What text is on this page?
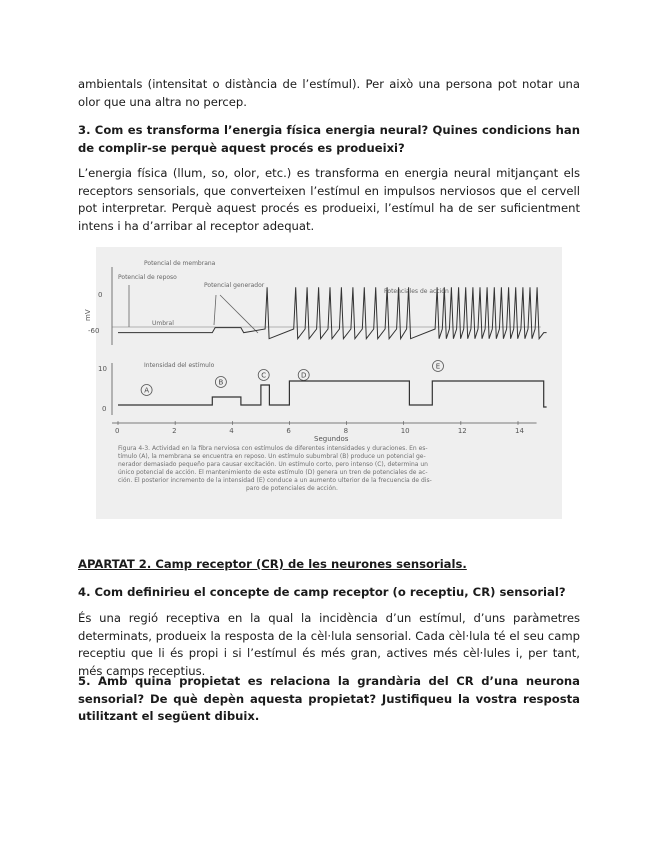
ambientals (intensitat o distància de l’estímul). Per això una persona pot notar una olor que una altra no percep.

3. Com es transforma l’energia física energia neural? Quines condicions han de complir-se perquè aquest procés es produeixi?

L’energia física (llum, so, olor, etc.) es transforma en energia neural mitjançant els receptors sensorials, que converteixen l’estímul en impulsos nerviosos que el cervell pot interpretar. Perquè aquest procés es produeixi, l’estímul ha de ser suficientment intens i ha d’arribar al receptor adequat.

Potencial de membrana
Potencial de reposo
Potencial generador
Potenciales de acción
Umbral
mV
0
-60
Intensidad del estímulo
10
0
Segundos
0	2	4	6	8	10	12	14
A
B
C	D
E
Figura 4-3. Actividad en la fibra nerviosa con estímulos de diferentes intensidades y duraciones. En es-
tímulo (A), la membrana se encuentra en reposo. Un estímulo subumbral (B) produce un potencial ge-
nerador demasiado pequeño para causar excitación. Un estímulo corto, pero intenso (C), determina un
único potencial de acción. El mantenimiento de este estímulo (D) genera un tren de potenciales de ac-
ción. El posterior incremento de la intensidad (E) conduce a un aumento ulterior de la frecuencia de dis-
paro de potenciales de acción.

APARTAT 2. Camp receptor (CR) de les neurones sensorials.

4. Com definirieu el concepte de camp receptor (o receptiu, CR) sensorial?

És una regió receptiva en la qual la incidència d’un estímul, d’uns paràmetres determinats, produeix la resposta de la cèl·lula sensorial. Cada cèl·lula té el seu camp receptiu que li és propi i si l’estímul és més gran, actives més cèl·lules i, per tant, més camps receptius.

5. Amb quina propietat es relaciona la grandària del CR d’una neurona sensorial? De què depèn aquesta propietat? Justifiqueu la vostra resposta utilitzant el següent dibuix.
